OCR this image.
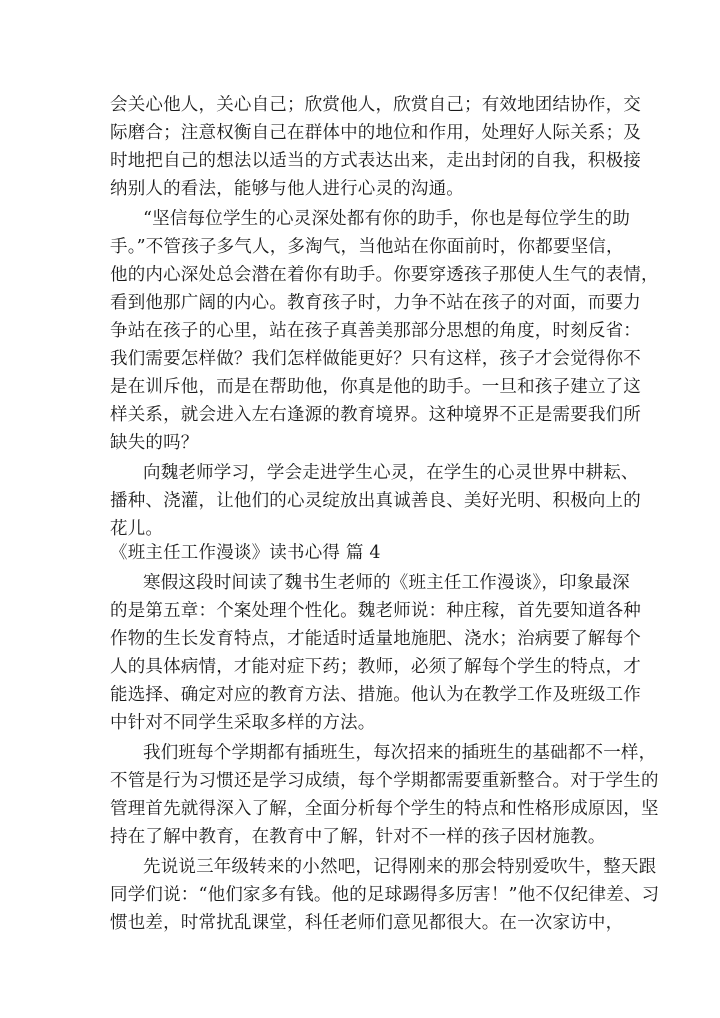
会关心他人，关心自己；欣赏他人，欣赏自己；有效地团结协作，交
际磨合；注意权衡自己在群体中的地位和作用，处理好人际关系；及
时地把自己的想法以适当的方式表达出来，走出封闭的自我，积极接
纳别人的看法，能够与他人进行心灵的沟通。
“坚信每位学生的心灵深处都有你的助手，你也是每位学生的助
手。”不管孩子多气人，多淘气，当他站在你面前时，你都要坚信，
他的内心深处总会潜在着你有助手。你要穿透孩子那使人生气的表情，
看到他那广阔的内心。教育孩子时，力争不站在孩子的对面，而要力
争站在孩子的心里，站在孩子真善美那部分思想的角度，时刻反省：
我们需要怎样做？我们怎样做能更好？只有这样，孩子才会觉得你不
是在训斥他，而是在帮助他，你真是他的助手。一旦和孩子建立了这
样关系，就会进入左右逢源的教育境界。这种境界不正是需要我们所
缺失的吗？
向魏老师学习，学会走进学生心灵，在学生的心灵世界中耕耘、
播种、浇灌，让他们的心灵绽放出真诚善良、美好光明、积极向上的
花儿。
《班主任工作漫谈》读书心得 篇 4
寒假这段时间读了魏书生老师的《班主任工作漫谈》，印象最深
的是第五章：个案处理个性化。魏老师说：种庄稼，首先要知道各种
作物的生长发育特点，才能适时适量地施肥、浇水；治病要了解每个
人的具体病情，才能对症下药；教师，必须了解每个学生的特点，才
能选择、确定对应的教育方法、措施。他认为在教学工作及班级工作
中针对不同学生采取多样的方法。
我们班每个学期都有插班生，每次招来的插班生的基础都不一样，
不管是行为习惯还是学习成绩，每个学期都需要重新整合。对于学生的
管理首先就得深入了解，全面分析每个学生的特点和性格形成原因，坚
持在了解中教育，在教育中了解，针对不一样的孩子因材施教。
先说说三年级转来的小然吧，记得刚来的那会特别爱吹牛，整天跟
同学们说：“他们家多有钱。他的足球踢得多厉害！”他不仅纪律差、习
惯也差，时常扰乱课堂，科任老师们意见都很大。在一次家访中，
